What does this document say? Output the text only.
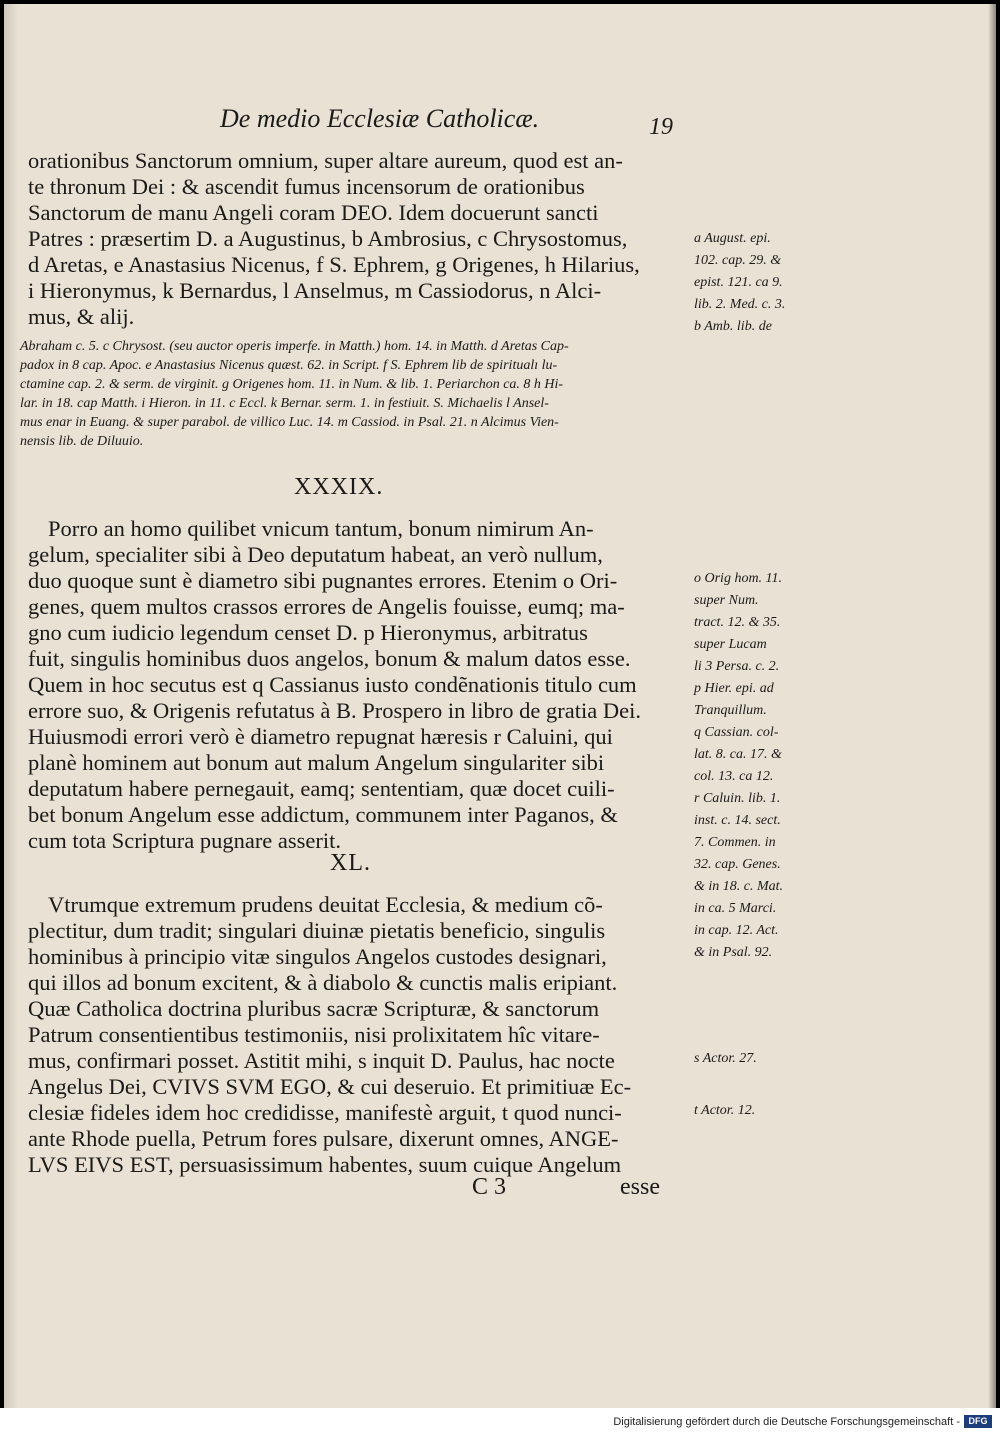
De medio Ecclesiæ Catholicæ.	19
orationibus Sanctorum omnium, super altare aureum, quod est an-
te thronum Dei : & ascendit fumus incensorum de orationibus
Sanctorum de manu Angeli coram DEO. Idem docuerunt sancti
Patres : præsertim D. a Augustinus, b Ambrosius, c Chrysostomus,
d Aretas, e Anastasius Nicenus, f S. Ephrem, g Origenes, h Hilarius,
i Hieronymus, k Bernardus, l Anselmus, m Cassiodorus, n Alci-
mus, & alij.
Abraham c. 5. c Chrysost. (seu auctor operis imperfe. in Matth.) hom. 14. in Matth. d Aretas Cap-
padox in 8 cap. Apoc. e Anastasius Nicenus quæst. 62. in Script. f S. Ephrem lib de spiritualı lu-
ctamine cap. 2. & serm. de virginit. g Origenes hom. 11. in Num. & lib. 1. Periarchon ca. 8 h Hi-
lar. in 18. cap Matth. i Hieron. in 11. c Eccl. k Bernar. serm. 1. in festiuit. S. Michaelis l Ansel-
mus enar in Euang. & super parabol. de villico Luc. 14. m Cassiod. in Psal. 21. n Alcimus Vien-
nensis lib. de Diluuio.
XXXIX.
Porro an homo quilibet vnicum tantum, bonum nimirum An-
gelum, specialiter sibi à Deo deputatum habeat, an verò nullum,
duo quoque sunt è diametro sibi pugnantes errores. Etenim o Ori-
genes, quem multos crassos errores de Angelis fouisse, eumq; ma-
gno cum iudicio legendum censet D. p Hieronymus, arbitratus
fuit, singulis hominibus duos angelos, bonum & malum datos esse.
Quem in hoc secutus est q Cassianus iusto condẽnationis titulo cum
errore suo, & Origenis refutatus à B. Prospero in libro de gratia Dei.
Huiusmodi errori verò è diametro repugnat hæresis r Caluini, qui
planè hominem aut bonum aut malum Angelum singulariter sibi
deputatum habere pernegauit, eamq; sententiam, quæ docet cuili-
bet bonum Angelum esse addictum, communem inter Paganos, &
cum tota Scriptura pugnare asserit.
XL.
Vtrumque extremum prudens deuitat Ecclesia, & medium cõ-
plectitur, dum tradit; singulari diuinæ pietatis beneficio, singulis
hominibus à principio vitæ singulos Angelos custodes designari,
qui illos ad bonum excitent, & à diabolo & cunctis malis eripiant.
Quæ Catholica doctrina pluribus sacræ Scripturæ, & sanctorum
Patrum consentientibus testimoniis, nisi prolixitatem hîc vitare-
mus, confirmari posset. Astitit mihi, s inquit D. Paulus, hac nocte
Angelus Dei, CVIVS SVM EGO, & cui deseruio. Et primitiuæ Ec-
clesiæ fideles idem hoc credidisse, manifestè arguit, t quod nunci-
ante Rhode puella, Petrum fores pulsare, dixerunt omnes, ANGE-
LVS EIVS EST, persuasissimum habentes, suum cuique Angelum
C 3	esse
a August. epi.
102. cap. 29. &
epist. 121. ca 9.
lib. 2. Med. c. 3.
b Amb. lib. de
o Orig hom. 11.
super Num.
tract. 12. & 35.
super Lucam
li 3 Persa. c. 2.
p Hier. epi. ad
Tranquillum.
q Cassian. col-
lat. 8. ca. 17. &
col. 13. ca 12.
r Caluin. lib. 1.
inst. c. 14. sect.
7. Commen. in
32. cap. Genes.
& in 18. c. Mat.
in ca. 5 Marci.
in cap. 12. Act.
& in Psal. 92.
s Actor. 27.
t Actor. 12.
Digitalisierung gefördert durch die Deutsche Forschungsgemeinschaft - DFG
